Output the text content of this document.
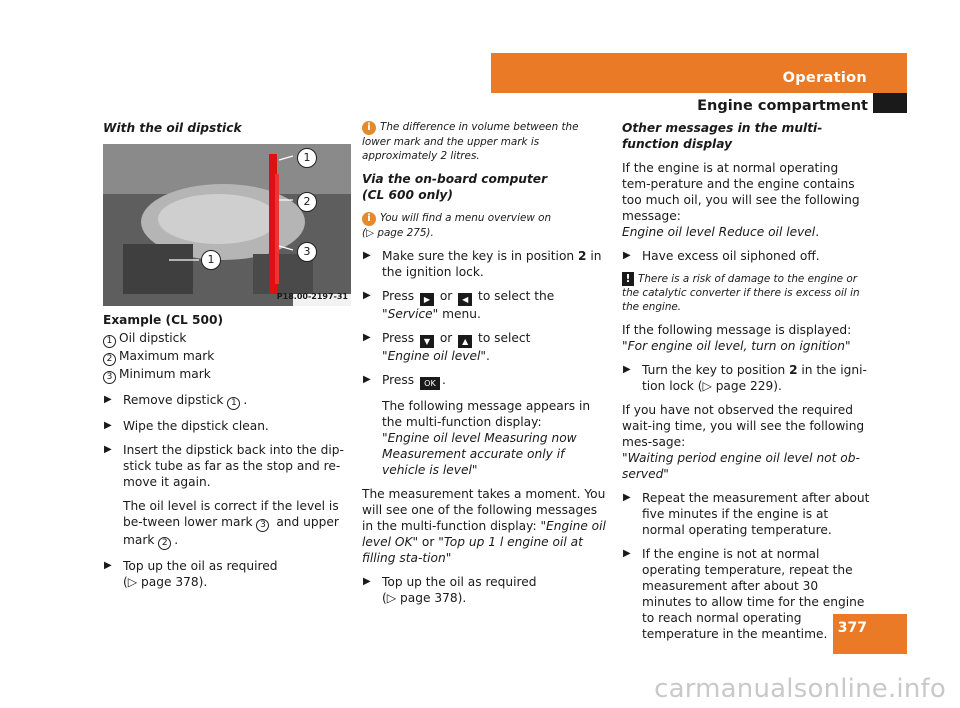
Operation
Engine compartment

With the oil dipstick

1
2
3
1
P18.00-2197-31
Example (CL 500)
1 Oil dipstick
2 Maximum mark
3 Minimum mark

▶ Remove dipstick 1 .

▶ Wipe the dipstick clean.

▶ Insert the dipstick back into the dip-stick tube as far as the stop and re-move it again.

The oil level is correct if the level is be-tween lower mark 3 and upper mark 2 .

▶ Top up the oil as required
(▷ page 378).

i The difference in volume between the lower mark and the upper mark is approximately 2 litres.

Via the on-board computer
(CL 600 only)

i You will find a menu overview on
(▷ page 275).

▶ Make sure the key is in position 2 in the ignition lock.

▶ Press ▶ or ◀ to select the
"Service" menu.

▶ Press ▼ or ▲ to select
"Engine oil level".

▶ Press OK .

The following message appears in the multi-function display:
"Engine oil level Measuring now Measurement accurate only if vehicle is level"

The measurement takes a moment. You will see one of the following messages in the multi-function display: "Engine oil level OK" or "Top up 1 l engine oil at filling sta-tion"

▶ Top up the oil as required
(▷ page 378).

Other messages in the multi-function display

If the engine is at normal operating tem-perature and the engine contains too much oil, you will see the following message:
Engine oil level Reduce oil level.

▶ Have excess oil siphoned off.

! There is a risk of damage to the engine or the catalytic converter if there is excess oil in the engine.

If the following message is displayed:
"For engine oil level, turn on ignition"

▶ Turn the key to position 2 in the igni-tion lock (▷ page 229).

If you have not observed the required wait-ing time, you will see the following mes-sage:
"Waiting period engine oil level not ob-served"

▶ Repeat the measurement after about five minutes if the engine is at normal operating temperature.

▶ If the engine is not at normal operating temperature, repeat the measurement after about 30 minutes to allow time for the engine to reach normal operating temperature in the meantime. 377
carmanualsonline.info
